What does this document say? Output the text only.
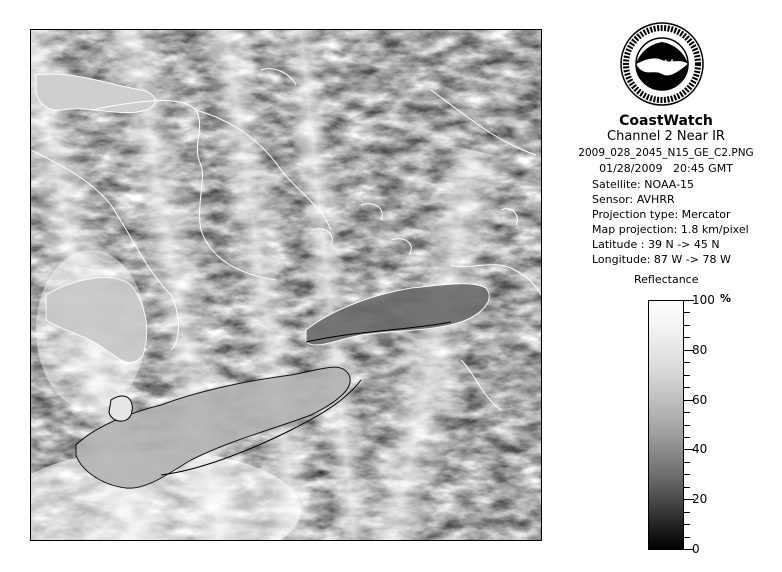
NOAA
CoastWatch
Channel 2 Near IR
2009_028_2045_N15_GE_C2.PNG
01/28/2009 20:45 GMT
Satellite: NOAA-15
Sensor: AVHRR
Projection type: Mercator
Map projection: 1.8 km/pixel
Latitude : 39 N -> 45 N
Longitude: 87 W -> 78 W
Reflectance
%
100
80
60
40
20
0
